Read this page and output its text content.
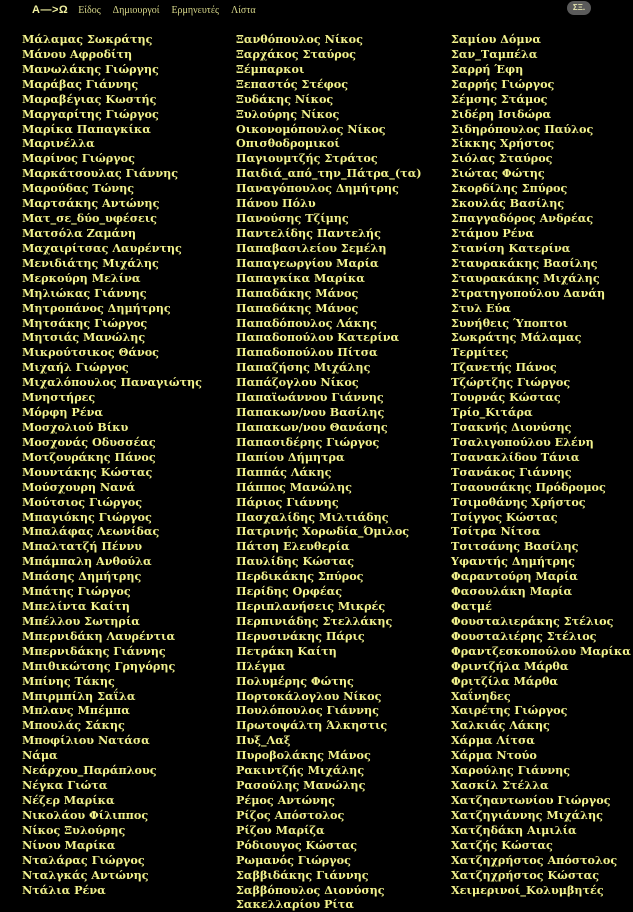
A—>Ω Είδος Δημιουργοί Ερμηνευτές Λίστα	ΣΞ.
Μάλαμας Σωκράτης
Μάνου Αφροδίτη
Μανωλάκης Γιώργης
Μαράβας Γιάννης
Μαραβέγιας Κωστής
Μαργαρίτης Γιώργος
Μαρίκα Παπαγκίκα
Μαρινέλλα
Μαρίνος Γιώργος
Μαρκάτσουλας Γιάννης
Μαρούδας Τώνης
Μαρτσάκης Αντώνης
Ματ_σε_δύο_υφέσεις
Ματσόλα Ζαμάνη
Μαχαιρίτσας Λαυρέντης
Μενιδιάτης Μιχάλης
Μερκούρη Μελίνα
Μηλιώκας Γιάννης
Μητροπάνος Δημήτρης
Μητσάκης Γιώργος
Μητσιάς Μανώλης
Μικρούτσικος Θάνος
Μιχαήλ Γιώργος
Μιχαλόπουλος Παναγιώτης
Μνηστήρες
Μόρφη Ρένα
Μοσχολιού Βίκυ
Μοσχονάς Οδυσσέας
Μοτζουράκης Πάνος
Μουντάκης Κώστας
Μούσχουρη Νανά
Μούτσιος Γιώργος
Μπαγιόκης Γιώργος
Μπαλάφας Λεωνίδας
Μπαλτατζή Πέννυ
Μπάμπαλη Ανθούλα
Μπάσης Δημήτρης
Μπάτης Γιώργος
Μπελίντα Καίτη
Μπέλλου Σωτηρία
Μπερνιδάκη Λαυρέντια
Μπερνιδάκης Γιάννης
Μπιθικώτσης Γρηγόρης
Μπίνης Τάκης
Μπιρμπίλη Σαΐλα
Μπλανς Μπέμπα
Μπουλάς Σάκης
Μποφίλιου Νατάσα
Νάμα
Νεάρχου_Παράπλους
Νέγκα Γιώτα
Νέζερ Μαρίκα
Νικολάου Φίλιππος
Νίκος Ξυλούρης
Νίνου Μαρίκα
Νταλάρας Γιώργος
Νταλγκάς Αντώνης
Ντάλια Ρένα
Ξανθόπουλος Νίκος
Ξαρχάκος Σταύρος
Ξέμπαρκοι
Ξεπαστός Στέφος
Ξυδάκης Νίκος
Ξυλούρης Νίκος
Οικονομόπουλος Νίκος
Οπισθοδρομικοί
Παγιουμτζής Στράτος
Παιδιά_από_την_Πάτρα_(τα)
Παναγόπουλος Δημήτρης
Πάνου Πόλυ
Πανούσης Τζίμης
Παντελίδης Παντελής
Παπαβασιλείου Σεμέλη
Παπαγεωργίου Μαρία
Παπαγκίκα Μαρίκα
Παπαδάκης Μάνος
Παπαδάκης Μάνος
Παπαδόπουλος Λάκης
Παπαδοπούλου Κατερίνα
Παπαδοπούλου Πίτσα
Παπαζήσης Μιχάλης
Παπάζογλου Νίκος
Παπαϊωάννου Γιάννης
Παπακων/νου Βασίλης
Παπακων/νου Θανάσης
Παπασιδέρης Γιώργος
Παπίου Δήμητρα
Παππάς Λάκης
Πάππος Μανώλης
Πάριος Γιάννης
Πασχαλίδης Μιλτιάδης
Πατρινής Χορωδία_Όμιλος
Πάτση Ελευθερία
Παυλίδης Κώστας
Περδικάκης Σπύρος
Περίδης Ορφέας
Περιπλανήσεις Μικρές
Περπινιάδης Στελλάκης
Περυσινάκης Πάρις
Πετράκη Καίτη
Πλέγμα
Πολυμέρης Φώτης
Πορτοκάλογλου Νίκος
Πουλόπουλος Γιάννης
Πρωτοψάλτη Άλκηστις
Πυξ_Λαξ
Πυροβολάκης Μάνος
Ρακιντζής Μιχάλης
Ρασούλης Μανώλης
Ρέμος Αντώνης
Ρίζος Απόστολος
Ρίζου Μαρίζα
Ρόδιουγος Κώστας
Ρωμανός Γιώργος
Σαββιδάκης Γιάννης
Σαββόπουλος Διονύσης
Σακελλαρίου Ρίτα
Σαμίου Δόμνα
Σαν_Ταμπέλα
Σαρρή Έφη
Σαρρής Γιώργος
Σέμσης Στάμος
Σιδέρη Ισιδώρα
Σιδηρόπουλος Παύλος
Σίκκης Χρήστος
Σιόλας Σταύρος
Σιώτας Φώτης
Σκορδίλης Σπύρος
Σκουλάς Βασίλης
Σπαγγαδόρος Ανδρέας
Στάμου Ρένα
Στανίση Κατερίνα
Σταυρακάκης Βασίλης
Σταυρακάκης Μιχάλης
Στρατηγοπούλου Δανάη
Στυλ Εύα
Συνήθεις Ύποπτοι
Σωκράτης Μάλαμας
Τερμίτες
Τζανετής Πάνος
Τζώρτζης Γιώργος
Τουρνάς Κώστας
Τρίο_Κιτάρα
Τσακνής Διονύσης
Τσαλιγοπούλου Ελένη
Τσανακλίδου Τάνια
Τσανάκος Γιάννης
Τσαουσάκης Πρόδρομος
Τσιμοθάνης Χρήστος
Τσίγγος Κώστας
Τσίτρα Νίτσα
Τσιτσάνης Βασίλης
Υφαντής Δημήτρης
Φαραντούρη Μαρία
Φασουλάκη Μαρία
Φατμέ
Φουσταλιεράκης Στέλιος
Φουσταλιέρης Στέλιος
Φραντζεσκοπούλου Μαρίκα
Φριντζήλα Μάρθα
Φριτζίλα Μάρθα
Χαΐνηδες
Χαιρέτης Γιώργος
Χαλκιάς Λάκης
Χάρμα Λίτσα
Χάρμα Ντούο
Χαρούλης Γιάννης
Χασκίλ Στέλλα
Χατζηαντωνίου Γιώργος
Χατζηγιάννης Μιχάλης
Χατζηδάκη Αιμιλία
Χατζής Κώστας
Χατζηχρήστος Απόστολος
Χατζηχρήστος Κώστας
Χειμερινοί_Κολυμβητές
